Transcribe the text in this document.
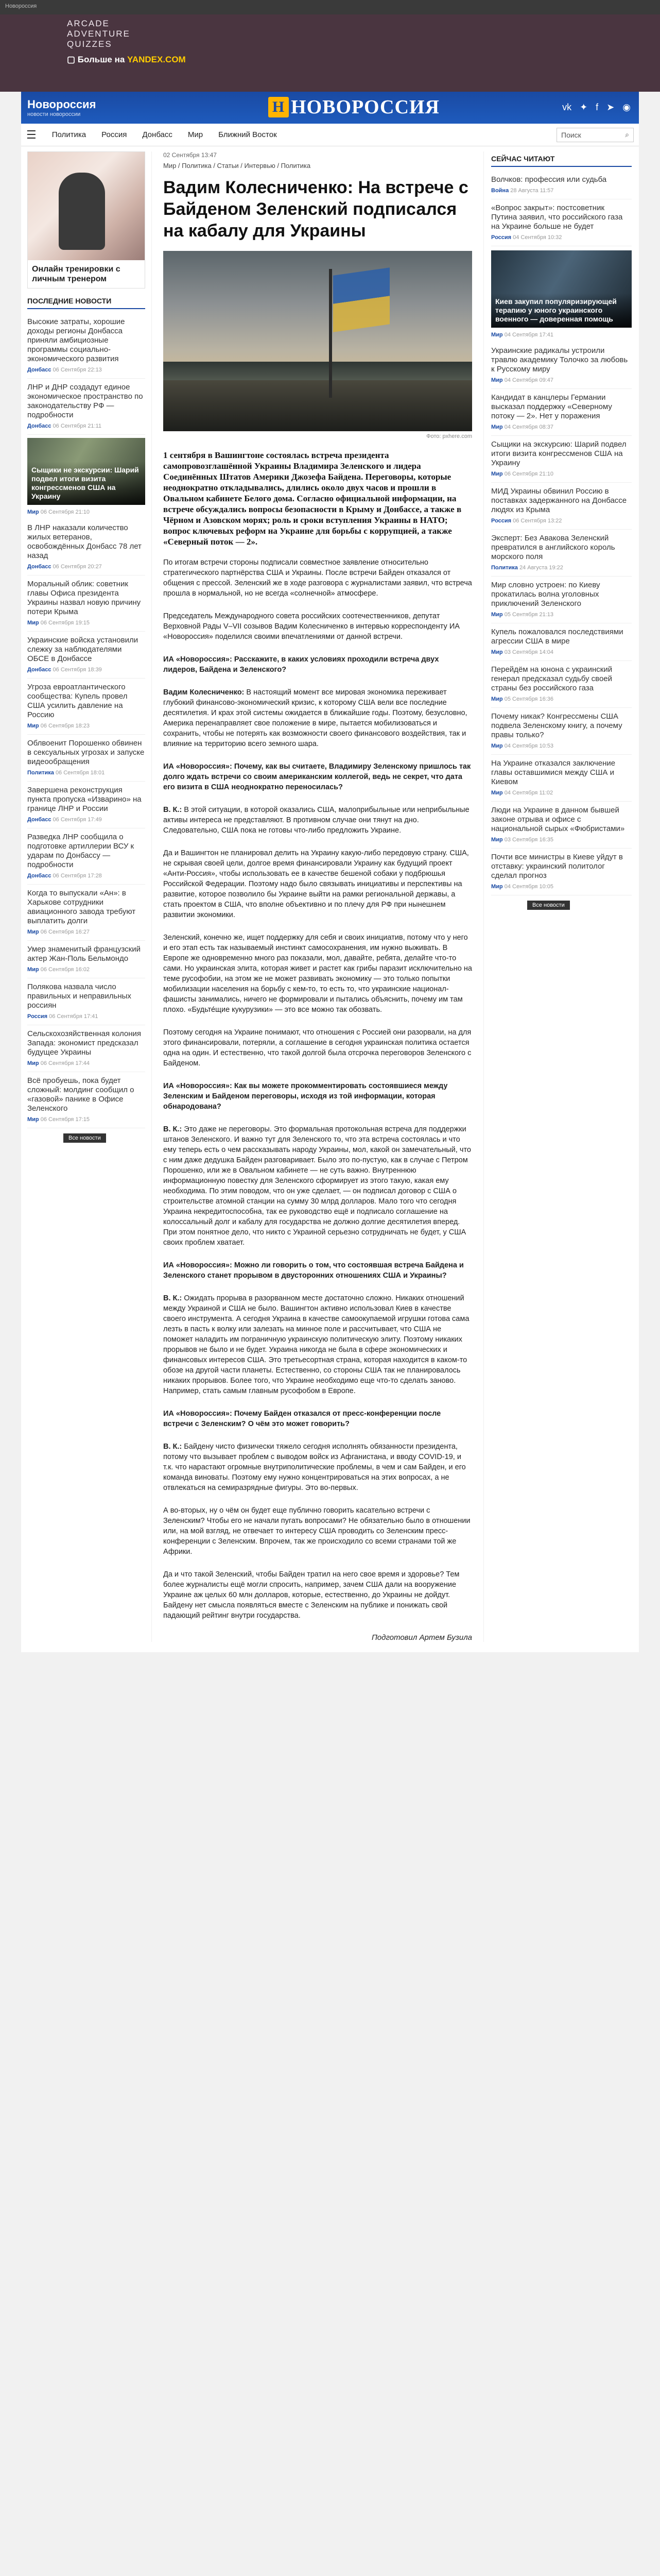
Новороссия
ARCADE
ADVENTURE
QUIZZES
▢ Больше на YANDEX.COM
Новороссия
новости новороссии	Н НОВОРОССИЯ	vk ✦ f ➤ ◉
☰ Политика Россия Донбасс Мир Ближний Восток	Поиск	⌕
Онлайн тренировки с личным тренером
ПОСЛЕДНИЕ НОВОСТИ
Высокие затраты, хорошие доходы регионы Донбасса приняли амбициозные программы социально-экономического развития
Донбасс 06 Сентября 22:13
ЛНР и ДНР создадут единое экономическое пространство по законодательству РФ — подробности
Донбасс 06 Сентября 21:11
Сыщики не экскурсии: Шарий подвел итоги визита конгрессменов США на Украину
Мир 06 Сентября 21:10
В ЛНР наказали количество жилых ветеранов, освобождённых Донбасс 78 лет назад
Донбасс 06 Сентября 20:27
Моральный облик: советник главы Офиса президента Украины назвал новую причину потери Крыма
Мир 06 Сентября 19:15
Украинские войска установили слежку за наблюдателями ОБСЕ в Донбассе
Донбасс 06 Сентября 18:39
Угроза евроатлантического сообщества: Купель провел США усилить давление на Россию
Мир 06 Сентября 18:23
Облвоенит Порошенко обвинен в сексуальных угрозах и запуске видеообращения
Политика 06 Сентября 18:01
Завершена реконструкция пункта пропуска «Изварино» на границе ЛНР и России
Донбасс 06 Сентября 17:49
Разведка ЛНР сообщила о подготовке артиллерии ВСУ к ударам по Донбассу — подробности
Донбасс 06 Сентября 17:28
Когда то выпускали «Ан»: в Харькове сотрудники авиационного завода требуют выплатить долги
Мир 06 Сентября 16:27
Умер знаменитый французский актер Жан-Поль Бельмондо
Мир 06 Сентября 16:02
Полякова назвала число правильных и неправильных россиян
Россия 06 Сентября 17:41
Сельскохозяйственная колония Запада: экономист предсказал будущее Украины
Мир 06 Сентября 17:44
Всё пробуешь, пока будет сложный: молдинг сообщил о «газовой» панике в Офисе Зеленского
Мир 06 Сентября 17:15
Все новости
02 Сентября 13:47
Мир / Политика / Статьи / Интервью / Политика
Вадим Колесниченко: На встрече с Байденом Зеленский подписался на кабалу для Украины
Фото: pxhere.com

1 сентября в Вашингтоне состоялась встреча президента самопровозглашённой Украины Владимира Зеленского и лидера Соединённых Штатов Америки Джозефа Байдена. Переговоры, которые неоднократно откладывались, длились около двух часов и прошли в Овальном кабинете Белого дома. Согласно официальной информации, на встрече обсуждались вопросы безопасности в Крыму и Донбассе, а также в Чёрном и Азовском морях; роль и сроки вступления Украины в НАТО; вопрос ключевых реформ на Украине для борьбы с коррупцией, а также «Северный поток — 2».

По итогам встречи стороны подписали совместное заявление относительно стратегического партнёрства США и Украины. После встречи Байден отказался от общения с прессой. Зеленский же в ходе разговора с журналистами заявил, что встреча прошла в нормальной, но не всегда «солнечной» атмосфере.

Председатель Международного совета российских соотечественников, депутат Верховной Рады V–VII созывов Вадим Колесниченко в интервью корреспонденту ИА «Новороссия» поделился своими впечатлениями от данной встречи.

ИА «Новороссия»: Расскажите, в каких условиях проходили встреча двух лидеров, Байдена и Зеленского?

Вадим Колесниченко: В настоящий момент все мировая экономика переживает глубокий финансово-экономический кризис, к которому США вели все последние десятилетия. И крах этой системы ожидается в ближайшие годы. Поэтому, безусловно, Америка перенаправляет свое положение в мире, пытается мобилизоваться и сохранить, чтобы не потерять как возможности своего финансового воздействия, так и влияние на территорию всего земного шара.

ИА «Новороссия»: Почему, как вы считаете, Владимиру Зеленскому пришлось так долго ждать встречи со своим американским коллегой, ведь не секрет, что дата его визита в США неоднократно переносилась?

В. К.: В этой ситуации, в которой оказались США, малоприбыльные или неприбыльные активы интереса не представляют. В противном случае они тянут на дно. Следовательно, США пока не готовы что-либо предложить Украине.

Да и Вашингтон не планировал делить на Украину какую-либо передовую страну. США, не скрывая своей цели, долгое время финансировали Украину как будущий проект «Анти-Россия», чтобы использовать ее в качестве бешеной собаки у подбрюшья Российской Федерации. Поэтому надо было связывать инициативы и перспективы на развитие, которое позволило бы Украине выйти на рамки региональной державы, а стать проектом в США, что вполне объективно и по плечу для РФ при нынешнем развитии экономики.

Зеленский, конечно же, ищет поддержку для себя и своих инициатив, потому что у него и его этап есть так называемый инстинкт самосохранения, им нужно выживать. В Европе же одновременно много раз показали, мол, давайте, ребята, делайте что-то сами. Но украинская элита, которая живет и растет как грибы паразит исключительно на теме русофобии, на этом же не может развивать экономику — это только попытки мобилизации населения на борьбу с кем-то, то есть то, что украинские национал-фашисты занимались, ничего не формировали и пытались объяснить, почему им там плохо. «Будьте́щие кукурузики» — это все можно так обозвать.

Поэтому сегодня на Украине понимают, что отношения с Россией они разорвали, на для этого финансировали, потеряли, а соглашение в сегодня украинская политика остается одна на один. И естественно, что такой долгой была отсрочка переговоров Зеленского с Байденом.

ИА «Новороссия»: Как вы можете прокомментировать состоявшиеся между Зеленским и Байденом переговоры, исходя из той информации, которая обнародована?

В. К.: Это даже не переговоры. Это формальная протокольная встреча для поддержки штанов Зеленского. И важно тут для Зеленского то, что эта встреча состоялась и что ему теперь есть о чем рассказывать народу Украины, мол, какой он замечательный, что с ним даже дедушка Байден разговаривает. Было это по-пустую, как в случае с Петром Порошенко, или же в Овальном кабинете — не суть важно. Внутреннюю информационную повестку для Зеленского сформирует из этого такую, какая ему необходима. По этим поводом, что он уже сделает, — он подписал договор с США о строительстве атомной станции на сумму 30 млрд долларов. Мало того что сегодня Украина некредитоспособна, так ее руководство ещё и подписало соглашение на колоссальный долг и кабалу для государства не должно долгие десятилетия вперед. При этом понятное дело, что никто с Украиной серьезно сотрудничать не будет, у США своих проблем хватает.

ИА «Новороссия»: Можно ли говорить о том, что состоявшая встреча Байдена и Зеленского станет прорывом в двусторонних отношениях США и Украины?

В. К.: Ожидать прорыва в разорванном месте достаточно сложно. Никаких отношений между Украиной и США не было. Вашингтон активно использовал Киев в качестве своего инструмента. А сегодня Украина в качестве самоокупаемой игрушки готова сама лезть в пасть к волку или залезать на минное поле и рассчитывает, что США не поможет наладить им пограничную украинскую политическую элиту. Поэтому никаких прорывов не было и не будет. Украина никогда не была в сфере экономических и финансовых интересов США. Это третьесортная страна, которая находится в каком-то обозе на другой части планеты. Естественно, со стороны США так не планировалось никаких прорывов. Более того, что Украине необходимо еще что-то сделать заново. Например, стать самым главным русофобом в Европе.

ИА «Новороссия»: Почему Байден отказался от пресс-конференции после встречи с Зеленским? О чём это может говорить?

В. К.: Байдену чисто физически тяжело сегодня исполнять обязанности президента, потому что вызывает проблем с выводом войск из Афганистана, и вводу COVID-19, и т.к. что нарастают огромные внутриполитические проблемы, в чем и сам Байден, и его команда виноваты. Поэтому ему нужно концентрироваться на этих вопросах, а не отвлекаться на семиразрядные фигуры. Это во-первых.

А во-вторых, ну о чём он будет еще публично говорить касательно встречи с Зеленским? Чтобы его не начали пугать вопросами? Не обязательно было в отношении или, на мой взгляд, не отвечает то интересу США проводить со Зеленским пресс-конференции с Зеленским. Впрочем, так же происходило со всеми странами той же Африки.

Да и что такой Зеленский, чтобы Байден тратил на него свое время и здоровье? Тем более журналисты ещё могли спросить, например, зачем США дали на вооружение Украине аж целых 60 млн долларов, которые, естественно, до Украины не дойдут. Байдену нет смысла появляться вместе с Зеленским на публике и понижать свой падающий рейтинг внутри государства.

Подготовил Артем Бузила
СЕЙЧАС ЧИТАЮТ
Волчков: профессия или судьба
Война 28 Августа 11:57
«Вопрос закрыт»: постсоветник Путина заявил, что российского газа на Украине больше не будет
Россия 04 Сентября 10:32
Киев закупил популяризирующей терапию у юного украинского военного — доверенная помощь
Мир 04 Сентября 17:41
Украинские радикалы устроили травлю академику Толочко за любовь к Русскому миру
Мир 04 Сентября 09:47
Кандидат в канцлеры Германии высказал поддержку «Северному потоку — 2». Нет у поражения
Мир 04 Сентября 08:37
Сыщики на экскурсию: Шарий подвел итоги визита конгрессменов США на Украину
Мир 06 Сентября 21:10
МИД Украины обвинил Россию в поставках задержанного на Донбассе людях из Крыма
Россия 06 Сентября 13:22
Эксперт: Без Авакова Зеленский превратился в английского король морского поля
Политика 24 Августа 19:22
Мир словно устроен: по Киеву прокатилась волна уголовных приключений Зеленского
Мир 05 Сентября 21:13
Купель пожаловался последствиями агрессии США в мире
Мир 03 Сентября 14:04
Перейдём на юнона с украинский генерал предсказал судьбу своей страны без российского газа
Мир 05 Сентября 16:36
Почему никак? Конгрессмены США подвела Зеленскому книгу, а почему правы только?
Мир 04 Сентября 10:53
На Украине отказался заключение главы оставшимися между США и Киевом
Мир 04 Сентября 11:02
Люди на Украине в данном бывшей законе отрыва и офисе с национальной сырых «Фюбристами»
Мир 03 Сентября 16:35
Почти все министры в Киеве уйдут в отставку: украинский политолог сделал прогноз
Мир 04 Сентября 10:05
Все новости
